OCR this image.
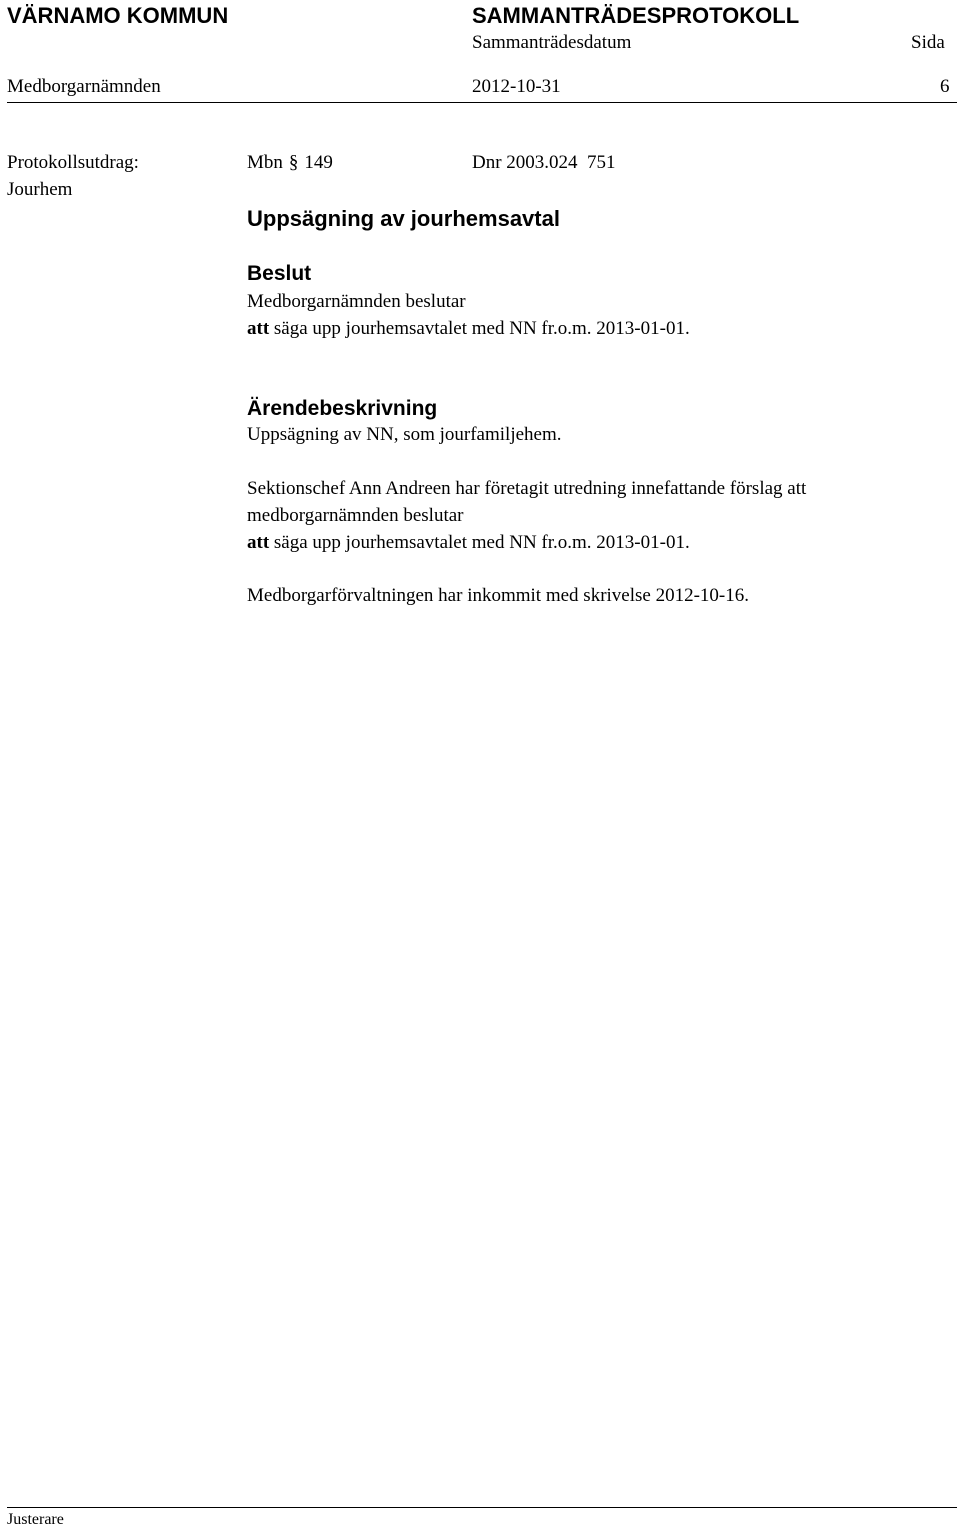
VÄRNAMO KOMMUN	SAMMANTRÄDESPROTOKOLL
Sammanträdesdatum	Sida
Medborgarnämnden	2012-10-31	6
Protokollsutdrag:
Jourhem
Mbn § 149	Dnr 2003.024  751
Uppsägning av jourhemsavtal
Beslut
Medborgarnämnden beslutar
att säga upp jourhemsavtalet med NN fr.o.m. 2013-01-01.
Ärendebeskrivning
Uppsägning av NN, som jourfamiljehem.
Sektionschef Ann Andreen har företagit utredning innefattande förslag att
medborgarnämnden beslutar
att säga upp jourhemsavtalet med NN fr.o.m. 2013-01-01.
Medborgarförvaltningen har inkommit med skrivelse 2012-10-16.
Justerare
